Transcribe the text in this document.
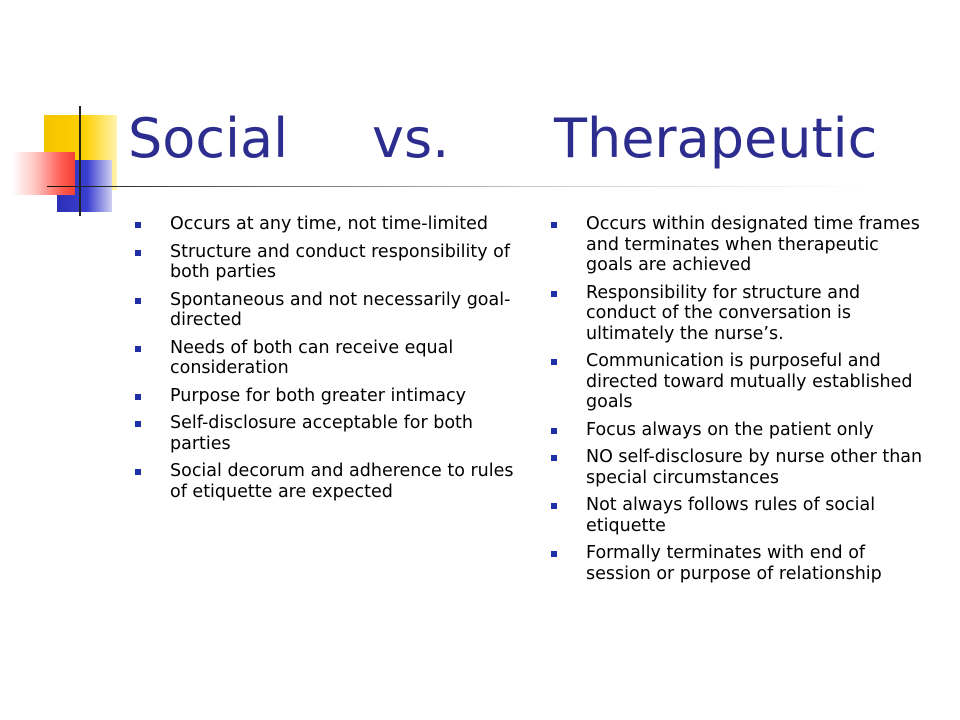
Social vs. Therapeutic
Occurs at any time, not time-limited
Structure and conduct responsibility of both parties
Spontaneous and not necessarily goal-directed
Needs of both can receive equal consideration
Purpose for both greater intimacy
Self-disclosure acceptable for both parties
Social decorum and adherence to rules of etiquette are expected
Occurs within designated time frames and terminates when therapeutic goals are achieved
Responsibility for structure and conduct of the conversation is ultimately the nurse’s.
Communication is purposeful and directed toward mutually established goals
Focus always on the patient only
NO self-disclosure by nurse other than special circumstances
Not always follows rules of social etiquette
Formally terminates with end of session or purpose of relationship
